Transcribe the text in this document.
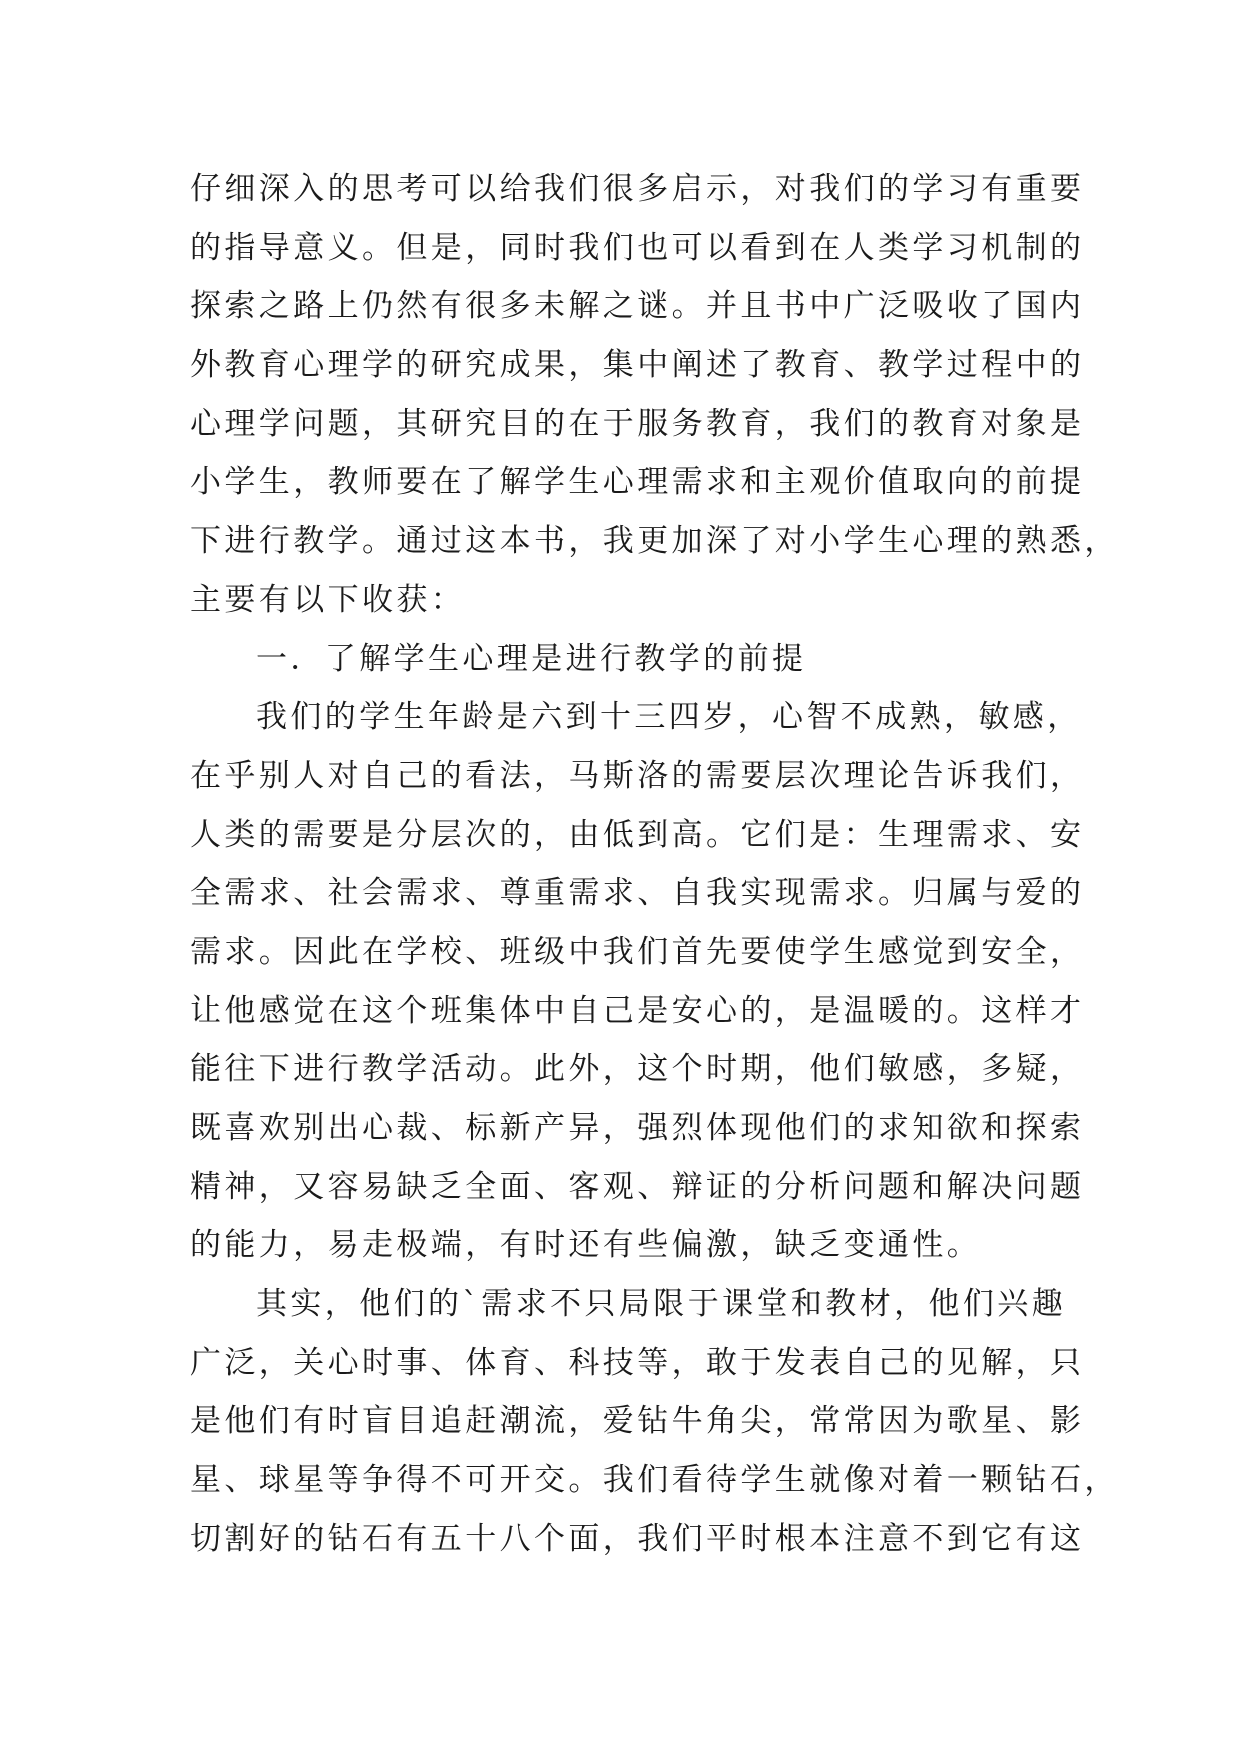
仔细深入的思考可以给我们很多启示，对我们的学习有重要
的指导意义。但是，同时我们也可以看到在人类学习机制的
探索之路上仍然有很多未解之谜。并且书中广泛吸收了国内
外教育心理学的研究成果，集中阐述了教育、教学过程中的
心理学问题，其研究目的在于服务教育，我们的教育对象是
小学生，教师要在了解学生心理需求和主观价值取向的前提
下进行教学。通过这本书，我更加深了对小学生心理的熟悉，
主要有以下收获：
一．了解学生心理是进行教学的前提
我们的学生年龄是六到十三四岁，心智不成熟，敏感，
在乎别人对自己的看法，马斯洛的需要层次理论告诉我们，
人类的需要是分层次的，由低到高。它们是：生理需求、安
全需求、社会需求、尊重需求、自我实现需求。归属与爱的
需求。因此在学校、班级中我们首先要使学生感觉到安全，
让他感觉在这个班集体中自己是安心的，是温暖的。这样才
能往下进行教学活动。此外，这个时期，他们敏感，多疑，
既喜欢别出心裁、标新产异，强烈体现他们的求知欲和探索
精神，又容易缺乏全面、客观、辩证的分析问题和解决问题
的能力，易走极端，有时还有些偏激，缺乏变通性。
其实，他们的`需求不只局限于课堂和教材，他们兴趣
广泛，关心时事、体育、科技等，敢于发表自己的见解，只
是他们有时盲目追赶潮流，爱钻牛角尖，常常因为歌星、影
星、球星等争得不可开交。我们看待学生就像对着一颗钻石，
切割好的钻石有五十八个面，我们平时根本注意不到它有这
